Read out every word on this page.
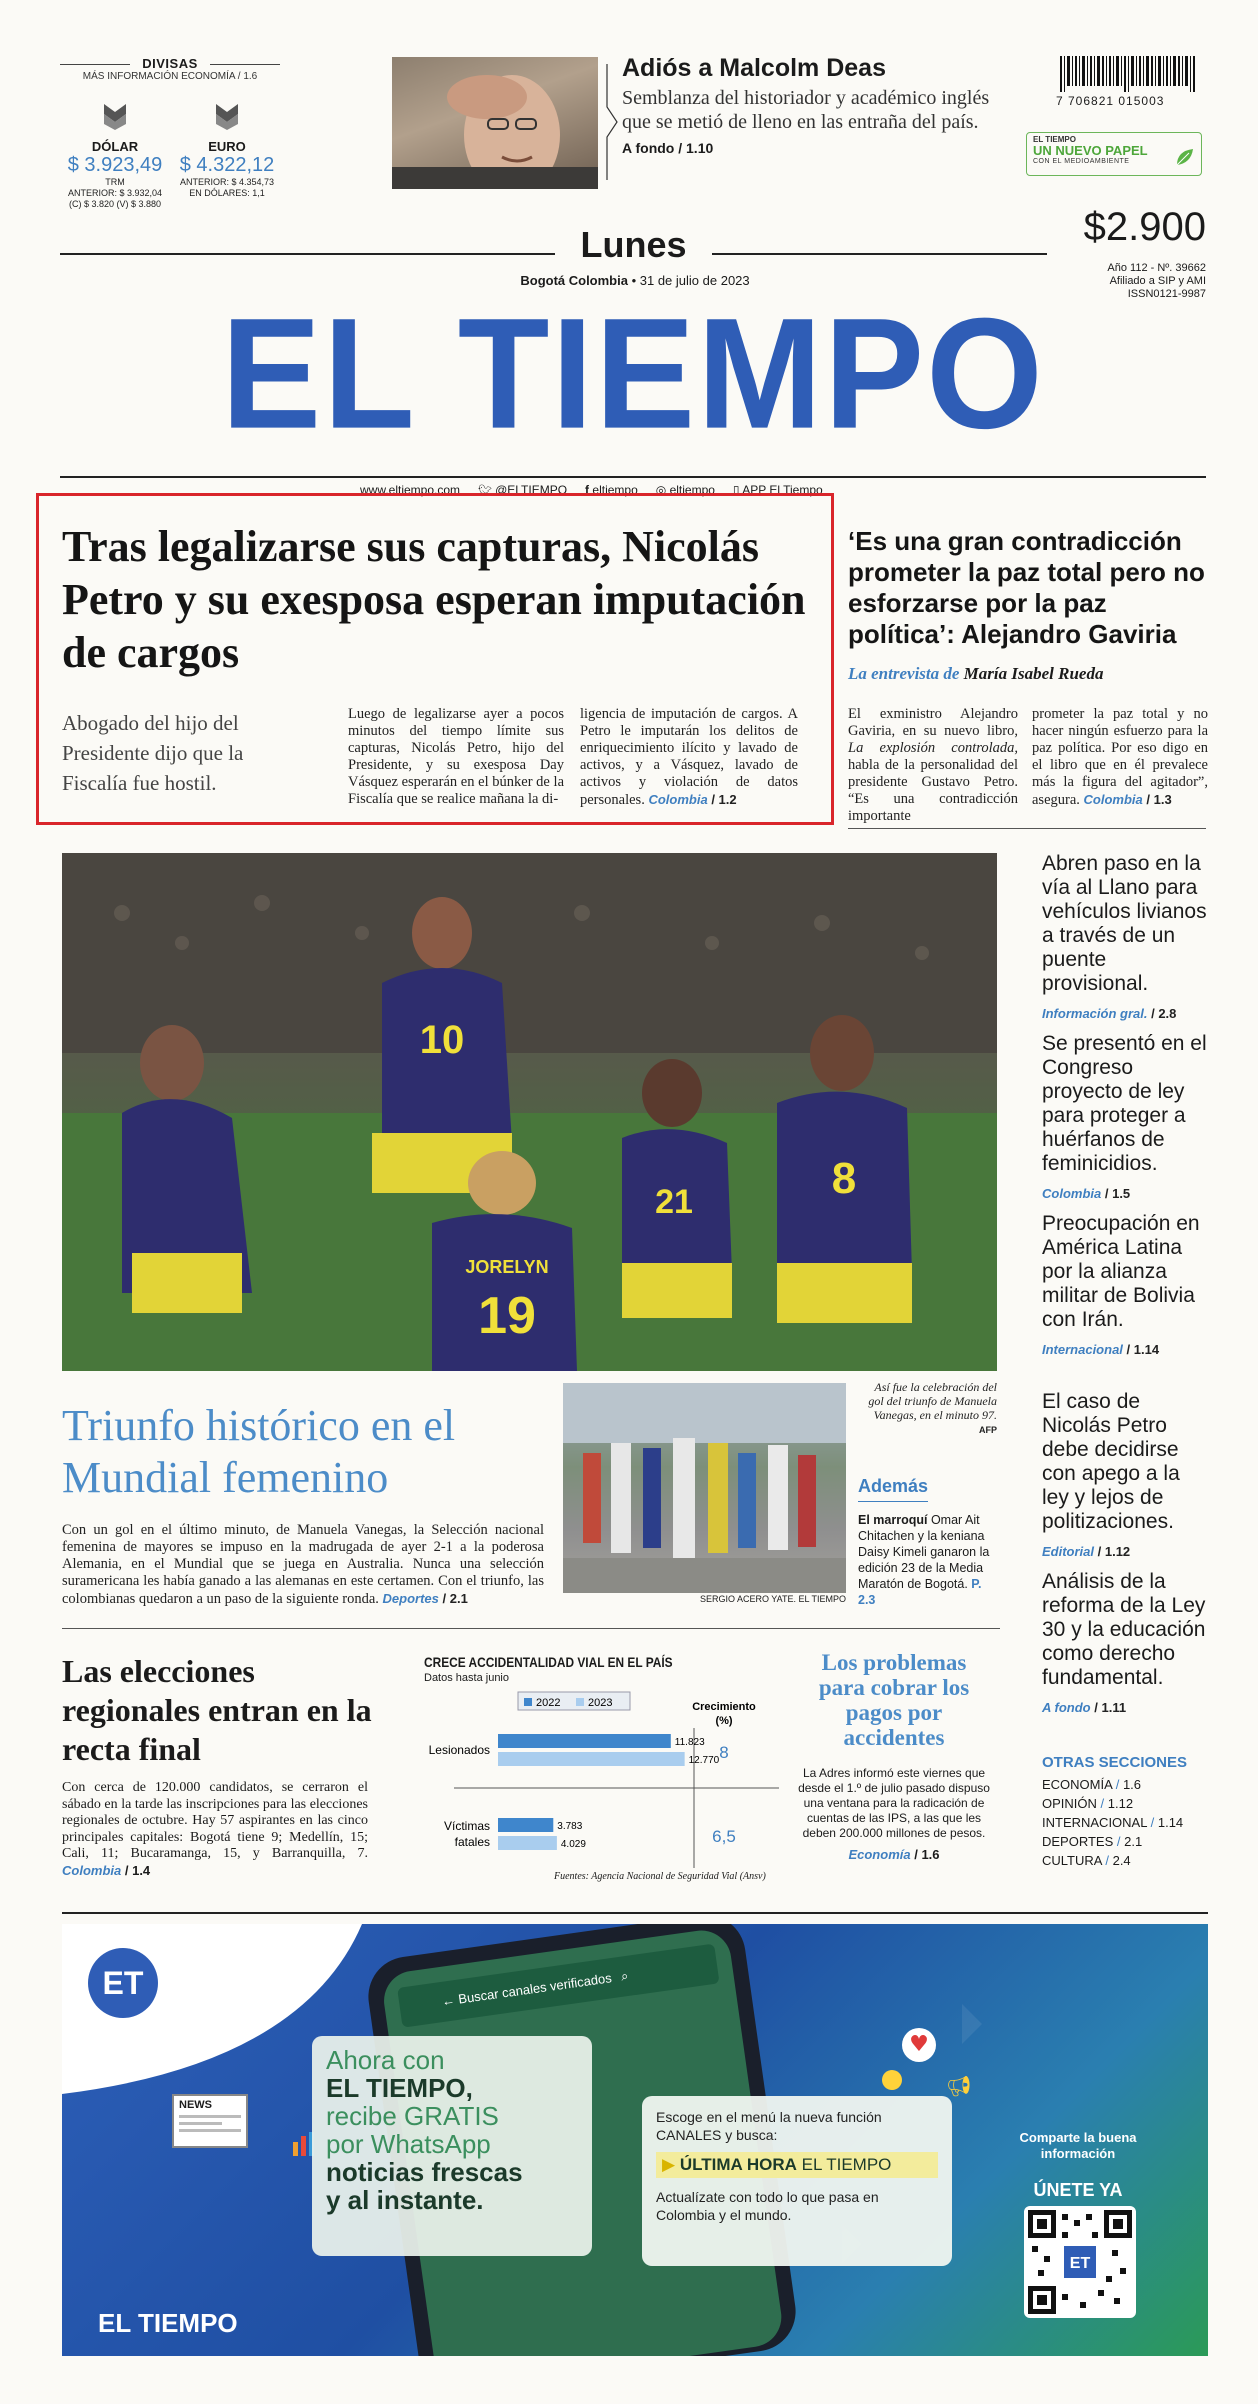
DIVISAS
MÁS INFORMACIÓN ECONOMÍA / 1.6
DÓLAR
$ 3.923,49
TRM
ANTERIOR: $ 3.932,04
(C) $ 3.820 (V) $ 3.880
EURO
$ 4.322,12
ANTERIOR: $ 4.354,73
EN DÓLARES: 1,1
Adiós a Malcolm Deas
Semblanza del historiador y académico inglés que se metió de lleno en las entraña del país.
A fondo / 1.10
7 706821 015003
EL TIEMPO
UN NUEVO PAPEL
CON EL MEDIOAMBIENTE
Lunes
Bogotá Colombia • 31 de julio de 2023
$2.900
Año 112 - Nº. 39662
Afiliado a SIP y AMI
ISSN0121-9987
EL TIEMPO
www.eltiempo.com 🐦︎ @ELTIEMPO f eltiempo ◎ eltiempo ▯ APP El Tiempo
Tras legalizarse sus capturas, Nicolás Petro y su exesposa esperan imputación de cargos
Abogado del hijo del Presidente dijo que la Fiscalía fue hostil.
Luego de legalizarse ayer a pocos minutos del tiempo límite sus capturas, Nicolás Petro, hijo del Presidente, y su exesposa Day Vásquez esperarán en el búnker de la Fiscalía que se realice mañana la di-
ligencia de imputación de cargos. A Petro le imputarán los delitos de enriquecimiento ilícito y lavado de activos, y a Vásquez, lavado de activos y violación de datos personales. Colombia / 1.2
‘Es una gran contradicción prometer la paz total pero no esforzarse por la paz política’: Alejandro Gaviria
La entrevista de María Isabel Rueda
El exministro Alejandro Gaviria, en su nuevo libro, La explosión controlada, habla de la personalidad del presidente Gustavo Petro. “Es una contradicción importante
prometer la paz total y no hacer ningún esfuerzo para la paz política. Por eso digo en el libro que en él prevalece más la figura del agitador”, asegura. Colombia / 1.3
10
21	8
JORELYN
19
Así fue la celebración del gol del triunfo de Manuela Vanegas, en el minuto 97. AFP
Triunfo histórico en el Mundial femenino
Con un gol en el último minuto, de Manuela Vanegas, la Selección nacional femenina de mayores se impuso en la madrugada de ayer 2-1 a la poderosa Alemania, en el Mundial que se juega en Australia. Nunca una selección suramericana les había ganado a las alemanas en este certamen. Con el triunfo, las colombianas quedaron a un paso de la siguiente ronda. Deportes / 2.1
Además
El marroquí Omar Ait Chitachen y la keniana Daisy Kimeli ganaron la edición 23 de la Media Maratón de Bogotá. P. 2.3
SERGIO ACERO YATE. EL TIEMPO
Las elecciones regionales entran en la recta final
Con cerca de 120.000 candidatos, se cerraron el sábado en la tarde las inscripciones para las elecciones regionales de octubre. Hay 57 aspirantes en las cinco principales capitales: Bogotá tiene 9; Medellín, 15; Cali, 11; Bucaramanga, 15, y Barranquilla, 7. Colombia / 1.4
CRECE ACCIDENTALIDAD VIAL EN EL PAÍS
Datos hasta junio
2022	2023	Crecimiento
(%)
Lesionados
11.823
12.770 8
Víctimas
fatales
3.783
4.029	6,5
Fuentes: Agencia Nacional de Seguridad Vial (Ansv)
Los problemas para cobrar los pagos por accidentes
La Adres informó este viernes que desde el 1.º de julio pasado dispuso una ventana para la radicación de cuentas de las IPS, a las que les deben 200.000 millones de pesos.
Economía / 1.6
Abren paso en la vía al Llano para vehículos livianos a través de un puente provisional.
Información gral. / 2.8
Se presentó en el Congreso proyecto de ley para proteger a huérfanos de feminicidios.
Colombia / 1.5
Preocupación en América Latina por la alianza militar de Bolivia con Irán.
Internacional / 1.14
El caso de Nicolás Petro debe decidirse con apego a la ley y lejos de politizaciones.
Editorial / 1.12
Análisis de la reforma de la Ley 30 y la educación como derecho fundamental.
A fondo / 1.11
OTRAS SECCIONES
ECONOMÍA / 1.6
OPINIÓN / 1.12
INTERNACIONAL / 1.14
DEPORTES / 2.1
CULTURA / 2.4
ET
NEWS
← Buscar canales verificados ⌕
Ahora con
EL TIEMPO,
recibe GRATIS
por WhatsApp
noticias frescas
y al instante.
Escoge en el menú la nueva función CANALES y busca:
▶ ÚLTIMA HORA EL TIEMPO
Actualízate con todo lo que pasa en Colombia y el mundo.
♥
📢︎
Comparte la buena información
ÚNETE YA
ET
EL TIEMPO
